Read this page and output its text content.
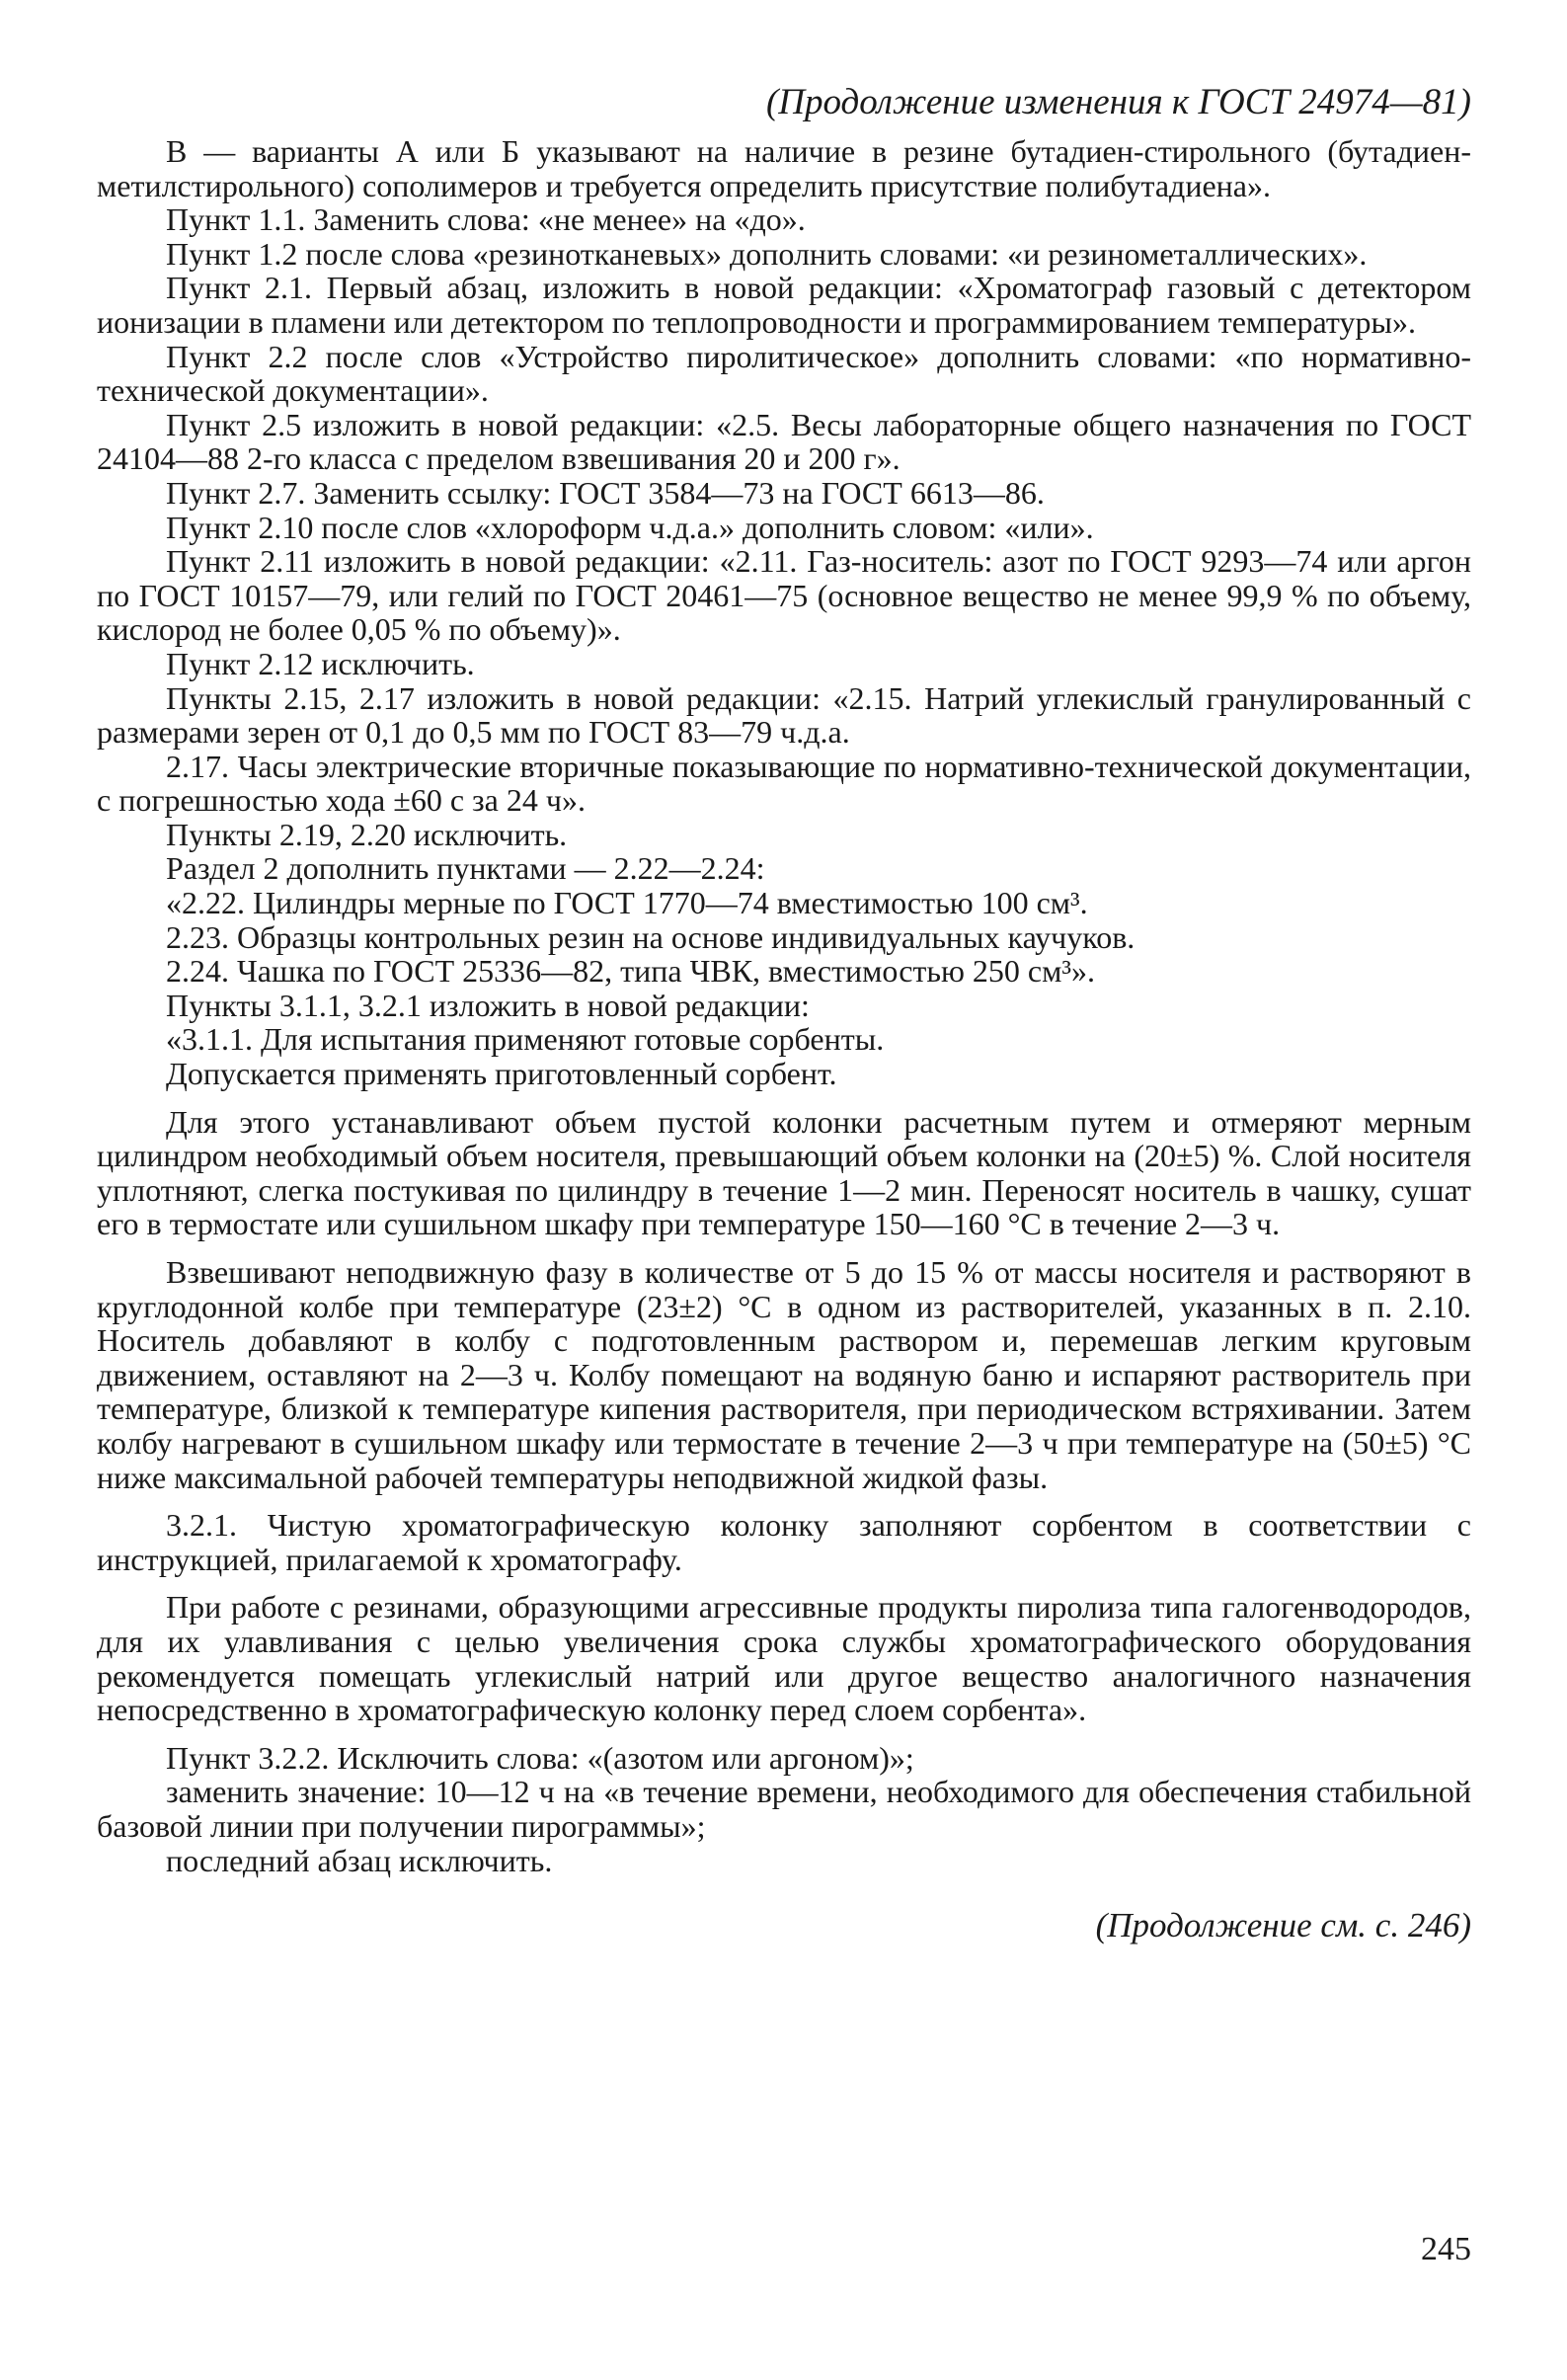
(Продолжение изменения к ГОСТ 24974—81)

В — варианты А или Б указывают на наличие в резине бутадиен-стирольного (бутадиен-метилстирольного) сополимеров и требуется определить присутствие полибутадиена».

Пункт 1.1. Заменить слова: «не менее» на «до».

Пункт 1.2 после слова «резинотканевых» дополнить словами: «и резинометаллических».

Пункт 2.1. Первый абзац, изложить в новой редакции: «Хроматограф газовый с детектором ионизации в пламени или детектором по теплопроводности и программированием температуры».

Пункт 2.2 после слов «Устройство пиролитическое» дополнить словами: «по нормативно-технической документации».

Пункт 2.5 изложить в новой редакции: «2.5. Весы лабораторные общего назначения по ГОСТ 24104—88 2-го класса с пределом взвешивания 20 и 200 г».

Пункт 2.7. Заменить ссылку: ГОСТ 3584—73 на ГОСТ 6613—86.

Пункт 2.10 после слов «хлороформ ч.д.а.» дополнить словом: «или».

Пункт 2.11 изложить в новой редакции: «2.11. Газ-носитель: азот по ГОСТ 9293—74 или аргон по ГОСТ 10157—79, или гелий по ГОСТ 20461—75 (основное вещество не менее 99,9 % по объему, кислород не более 0,05 % по объему)».

Пункт 2.12 исключить.

Пункты 2.15, 2.17 изложить в новой редакции: «2.15. Натрий углекислый гранулированный с размерами зерен от 0,1 до 0,5 мм по ГОСТ 83—79 ч.д.а.

2.17. Часы электрические вторичные показывающие по нормативно-технической документации, с погрешностью хода ±60 с за 24 ч».

Пункты 2.19, 2.20 исключить.

Раздел 2 дополнить пунктами — 2.22—2.24:

«2.22. Цилиндры мерные по ГОСТ 1770—74 вместимостью 100 см³.

2.23. Образцы контрольных резин на основе индивидуальных каучуков.

2.24. Чашка по ГОСТ 25336—82, типа ЧВК, вместимостью 250 см³».

Пункты 3.1.1, 3.2.1 изложить в новой редакции:

«3.1.1. Для испытания применяют готовые сорбенты.

Допускается применять приготовленный сорбент.

Для этого устанавливают объем пустой колонки расчетным путем и отмеряют мерным цилиндром необходимый объем носителя, превышающий объем колонки на (20±5) %. Слой носителя уплотняют, слегка постукивая по цилиндру в течение 1—2 мин. Переносят носитель в чашку, сушат его в термостате или сушильном шкафу при температуре 150—160 °С в течение 2—3 ч.

Взвешивают неподвижную фазу в количестве от 5 до 15 % от массы носителя и растворяют в круглодонной колбе при температуре (23±2) °С в одном из растворителей, указанных в п. 2.10. Носитель добавляют в колбу с подготовленным раствором и, перемешав легким круговым движением, оставляют на 2—3 ч. Колбу помещают на водяную баню и испаряют растворитель при температуре, близкой к температуре кипения растворителя, при периодическом встряхивании. Затем колбу нагревают в сушильном шкафу или термостате в течение 2—3 ч при температуре на (50±5) °С ниже максимальной рабочей температуры неподвижной жидкой фазы.

3.2.1. Чистую хроматографическую колонку заполняют сорбентом в соответствии с инструкцией, прилагаемой к хроматографу.

При работе с резинами, образующими агрессивные продукты пиролиза типа галогенводородов, для их улавливания с целью увеличения срока службы хроматографического оборудования рекомендуется помещать углекислый натрий или другое вещество аналогичного назначения непосредственно в хроматографическую колонку перед слоем сорбента».

Пункт 3.2.2. Исключить слова: «(азотом или аргоном)»;

заменить значение: 10—12 ч на «в течение времени, необходимого для обеспечения стабильной базовой линии при получении пирограммы»;

последний абзац исключить.

(Продолжение см. с. 246)
245
